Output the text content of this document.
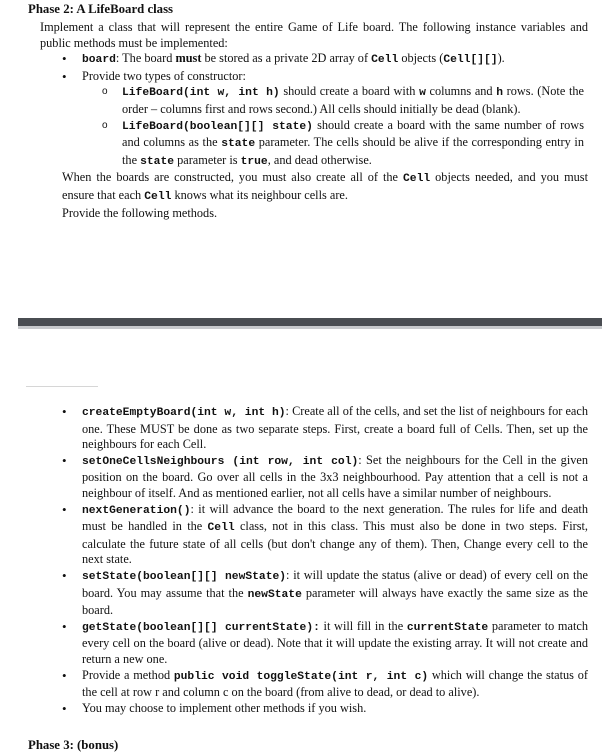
Phase 2: A LifeBoard class

Implement a class that will represent the entire Game of Life board. The following instance variables and public methods must be implemented:

• board: The board must be stored as a private 2D array of Cell objects (Cell[][]).
• Provide two types of constructor:
o LifeBoard(int w, int h) should create a board with w columns and h rows. (Note the order – columns first and rows second.) All cells should initially be dead (blank).
o LifeBoard(boolean[][] state) should create a board with the same number of rows and columns as the state parameter. The cells should be alive if the corresponding entry in the state parameter is true, and dead otherwise.

When the boards are constructed, you must also create all of the Cell objects needed, and you must ensure that each Cell knows what its neighbour cells are.

Provide the following methods.

• createEmptyBoard(int w, int h): Create all of the cells, and set the list of neighbours for each one. These MUST be done as two separate steps. First, create a board full of Cells. Then, set up the neighbours for each Cell.
• setOneCellsNeighbours (int row, int col): Set the neighbours for the Cell in the given position on the board. Go over all cells in the 3x3 neighbourhood. Pay attention that a cell is not a neighbour of itself. And as mentioned earlier, not all cells have a similar number of neighbours.
• nextGeneration(): it will advance the board to the next generation. The rules for life and death must be handled in the Cell class, not in this class. This must also be done in two steps. First, calculate the future state of all cells (but don't change any of them). Then, Change every cell to the next state.
• setState(boolean[][] newState): it will update the status (alive or dead) of every cell on the board. You may assume that the newState parameter will always have exactly the same size as the board.
• getState(boolean[][] currentState): it will fill in the currentState parameter to match every cell on the board (alive or dead). Note that it will update the existing array. It will not create and return a new one.
• Provide a method public void toggleState(int r, int c) which will change the status of the cell at row r and column c on the board (from alive to dead, or dead to alive).
• You may choose to implement other methods if you wish.
Phase 3: (bonus)
